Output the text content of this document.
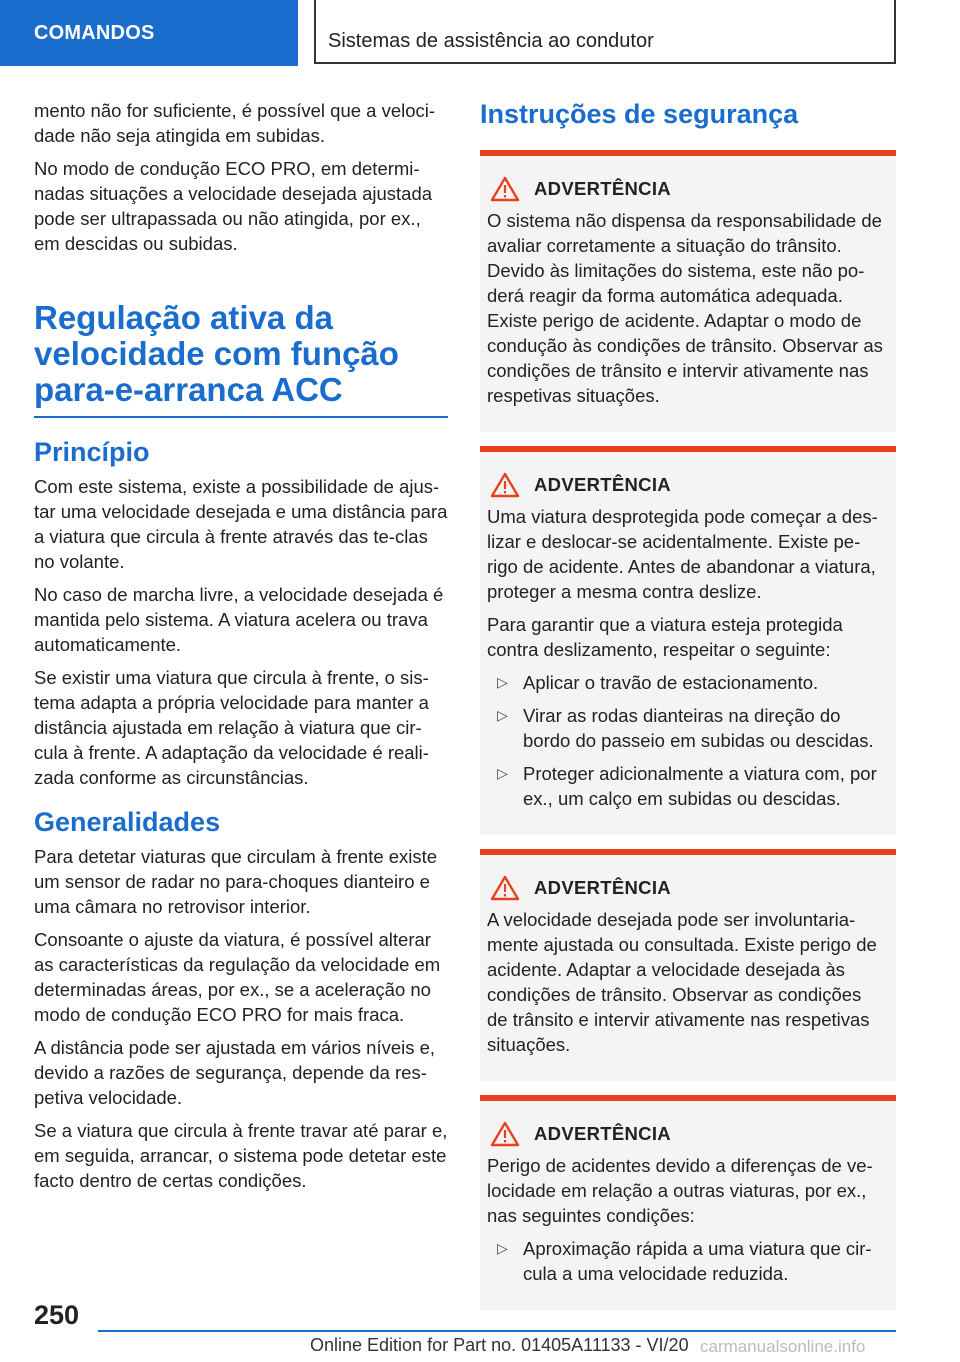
COMANDOS	Sistemas de assistência ao condutor

mento não for suficiente, é possível que a veloci-dade não seja atingida em subidas.

No modo de condução ECO PRO, em determi-nadas situações a velocidade desejada ajustada pode ser ultrapassada ou não atingida, por ex., em descidas ou subidas.

Regulação ativa da velocidade com função para-e-arranca ACC
Princípio

Com este sistema, existe a possibilidade de ajus-tar uma velocidade desejada e uma distância para a viatura que circula à frente através das te-clas no volante.

No caso de marcha livre, a velocidade desejada é mantida pelo sistema. A viatura acelera ou trava automaticamente.

Se existir uma viatura que circula à frente, o sis-tema adapta a própria velocidade para manter a distância ajustada em relação à viatura que cir-cula à frente. A adaptação da velocidade é reali-zada conforme as circunstâncias.

Generalidades

Para detetar viaturas que circulam à frente existe um sensor de radar no para-choques dianteiro e uma câmara no retrovisor interior.

Consoante o ajuste da viatura, é possível alterar as características da regulação da velocidade em determinadas áreas, por ex., se a aceleração no modo de condução ECO PRO for mais fraca.

A distância pode ser ajustada em vários níveis e, devido a razões de segurança, depende da res-petiva velocidade.

Se a viatura que circula à frente travar até parar e, em seguida, arrancar, o sistema pode detetar este facto dentro de certas condições.

Instruções de segurança
ADVERTÊNCIA

O sistema não dispensa da responsabilidade de avaliar corretamente a situação do trânsito. Devido às limitações do sistema, este não po-derá reagir da forma automática adequada. Existe perigo de acidente. Adaptar o modo de condução às condições de trânsito. Observar as condições de trânsito e intervir ativamente nas respetivas situações.

ADVERTÊNCIA

Uma viatura desprotegida pode começar a des-lizar e deslocar-se acidentalmente. Existe pe-rigo de acidente. Antes de abandonar a viatura, proteger a mesma contra deslize.

Para garantir que a viatura esteja protegida contra deslizamento, respeitar o seguinte:

▷ Aplicar o travão de estacionamento.
▷ Virar as rodas dianteiras na direção do bordo do passeio em subidas ou descidas.
▷ Proteger adicionalmente a viatura com, por ex., um calço em subidas ou descidas.
ADVERTÊNCIA

A velocidade desejada pode ser involuntaria-mente ajustada ou consultada. Existe perigo de acidente. Adaptar a velocidade desejada às condições de trânsito. Observar as condições de trânsito e intervir ativamente nas respetivas situações.

ADVERTÊNCIA

Perigo de acidentes devido a diferenças de ve-locidade em relação a outras viaturas, por ex., nas seguintes condições:

▷ Aproximação rápida a uma viatura que cir-cula a uma velocidade reduzida.
250
Online Edition for Part no. 01405A11133 - VI/20 carmanualsonline.info
